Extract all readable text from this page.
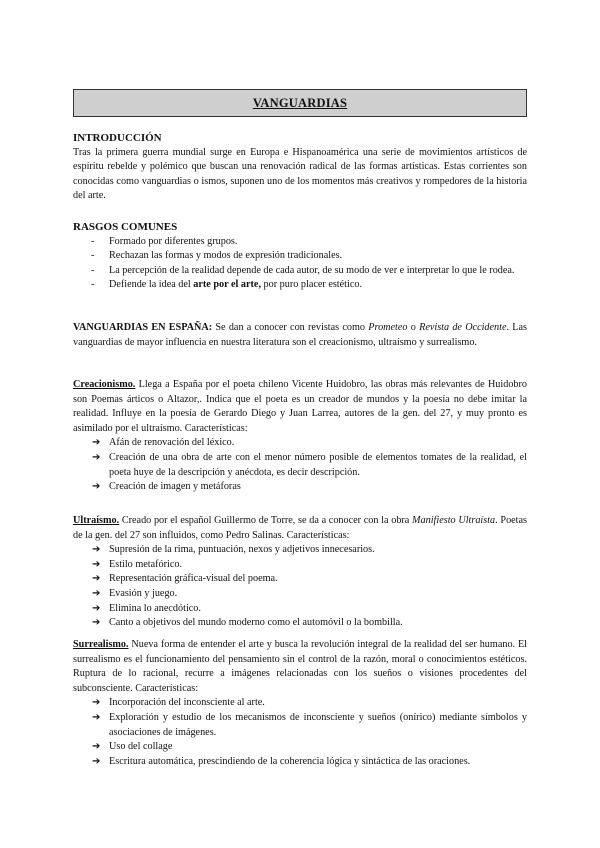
VANGUARDIAS

INTRODUCCIÓN

Tras la primera guerra mundial surge en Europa e Hispanoamérica una serie de movimientos artísticos de espíritu rebelde y polémico que buscan una renovación radical de las formas artísticas. Estas corrientes son conocidas como vanguardias o ismos, suponen uno de los momentos más creativos y rompedores de la historia del arte.

RASGOS COMUNES

- Formado por diferentes grupos.
- Rechazan las formas y modos de expresión tradicionales.
- La percepción de la realidad depende de cada autor, de su modo de ver e interpretar lo que le rodea.
- Defiende la idea del arte por el arte, por puro placer estético.

VANGUARDIAS EN ESPAÑA: Se dan a conocer con revistas como Prometeo o Revista de Occidente. Las vanguardias de mayor influencia en nuestra literatura son el creacionismo, ultraísmo y surrealismo.

Creacionismo. Llega a España por el poeta chileno Vicente Huidobro, las obras más relevantes de Huidobro son Poemas árticos o Altazor,. Indica que el poeta es un creador de mundos y la poesía no debe imitar la realidad. Influye en la poesía de Gerardo Diego y Juan Larrea, autores de la gen. del 27, y muy pronto es asimilado por el ultraísmo. Características:

➔ Afán de renovación del léxico.
➔ Creación de una obra de arte con el menor número posible de elementos tomates de la realidad, el poeta huye de la descripción y anécdota, es decir descripción.
➔ Creación de imagen y metáforas

Ultraísmo. Creado por el español Guillermo de Torre, se da a conocer con la obra Manifiesto Ultraísta. Poetas de la gen. del 27 son influidos, como Pedro Salinas. Características:

➔ Supresión de la rima, puntuación, nexos y adjetivos innecesarios.
➔ Estilo metafórico.
➔ Representación gráfica-visual del poema.
➔ Evasión y juego.
➔ Elimina lo anecdótico.
➔ Canto a objetivos del mundo moderno como el automóvil o la bombilla.

Surrealismo. Nueva forma de entender el arte y busca la revolución integral de la realidad del ser humano. El surrealismo es el funcionamiento del pensamiento sin el control de la razón, moral o conocimientos estéticos. Ruptura de lo racional, recurre a imágenes relacionadas con los sueños o visiones procedentes del subconsciente. Características:

➔ Incorporación del inconsciente al arte.
➔ Exploración y estudio de los mecanismos de inconsciente y sueños (onírico) mediante símbolos y asociaciones de imágenes.
➔ Uso del collage
➔ Escritura automática, prescindiendo de la coherencia lógica y sintáctica de las oraciones.
